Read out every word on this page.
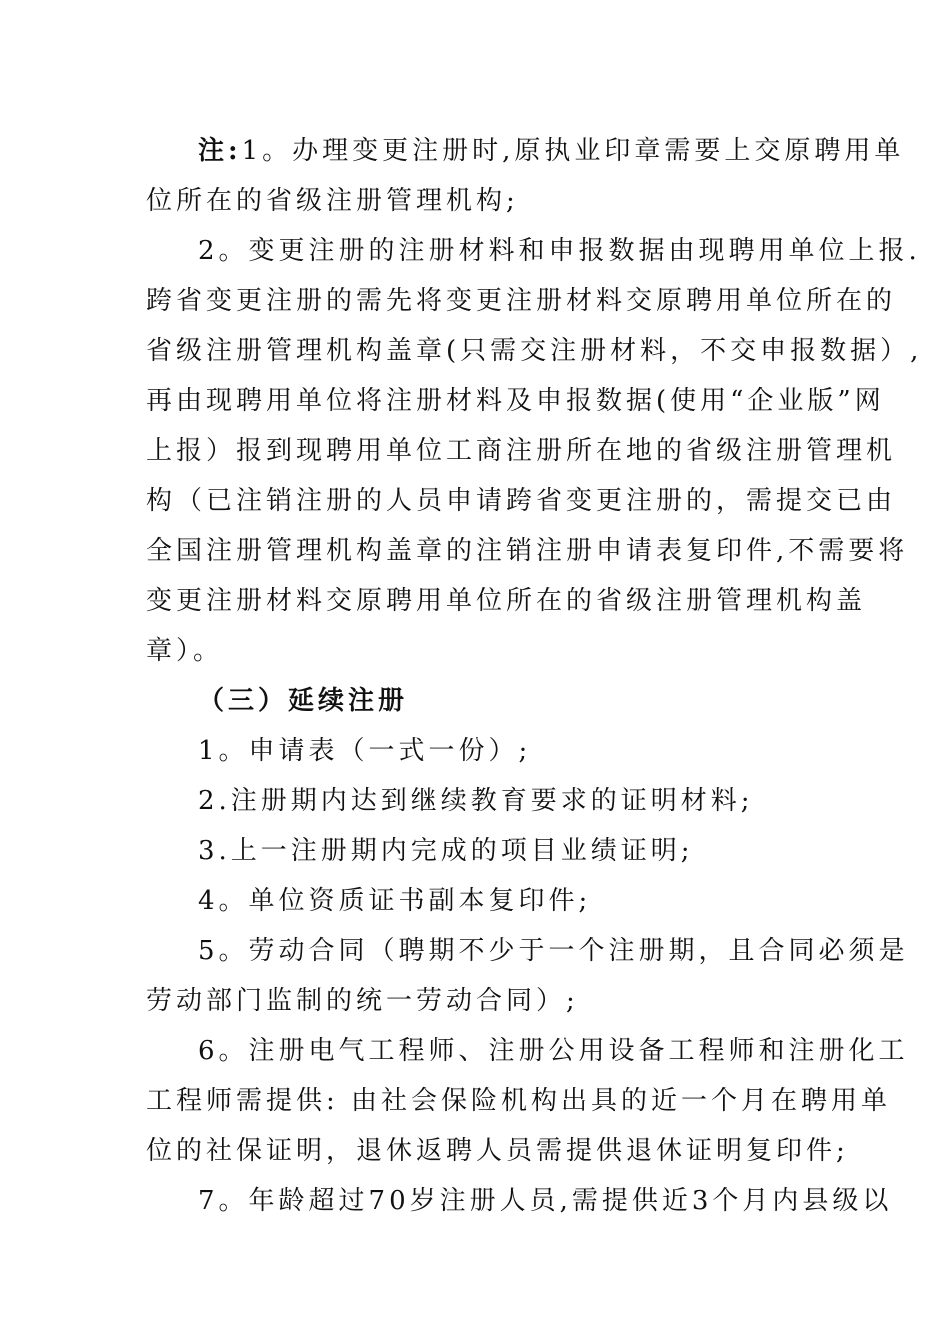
注:1。办理变更注册时,原执业印章需要上交原聘用单
位所在的省级注册管理机构;
2。变更注册的注册材料和申报数据由现聘用单位上报.
跨省变更注册的需先将变更注册材料交原聘用单位所在的
省级注册管理机构盖章(只需交注册材料，不交申报数据）,
再由现聘用单位将注册材料及申报数据(使用“企业版”网
上报）报到现聘用单位工商注册所在地的省级注册管理机
构（已注销注册的人员申请跨省变更注册的，需提交已由
全国注册管理机构盖章的注销注册申请表复印件,不需要将
变更注册材料交原聘用单位所在的省级注册管理机构盖
章）。
（三）延续注册
1。申请表（一式一份）;
2.注册期内达到继续教育要求的证明材料;
3.上一注册期内完成的项目业绩证明;
4。单位资质证书副本复印件;
5。劳动合同（聘期不少于一个注册期，且合同必须是
劳动部门监制的统一劳动合同）;
6。注册电气工程师、注册公用设备工程师和注册化工
工程师需提供: 由社会保险机构出具的近一个月在聘用单
位的社保证明，退休返聘人员需提供退休证明复印件;
7。年龄超过70岁注册人员,需提供近3个月内县级以
